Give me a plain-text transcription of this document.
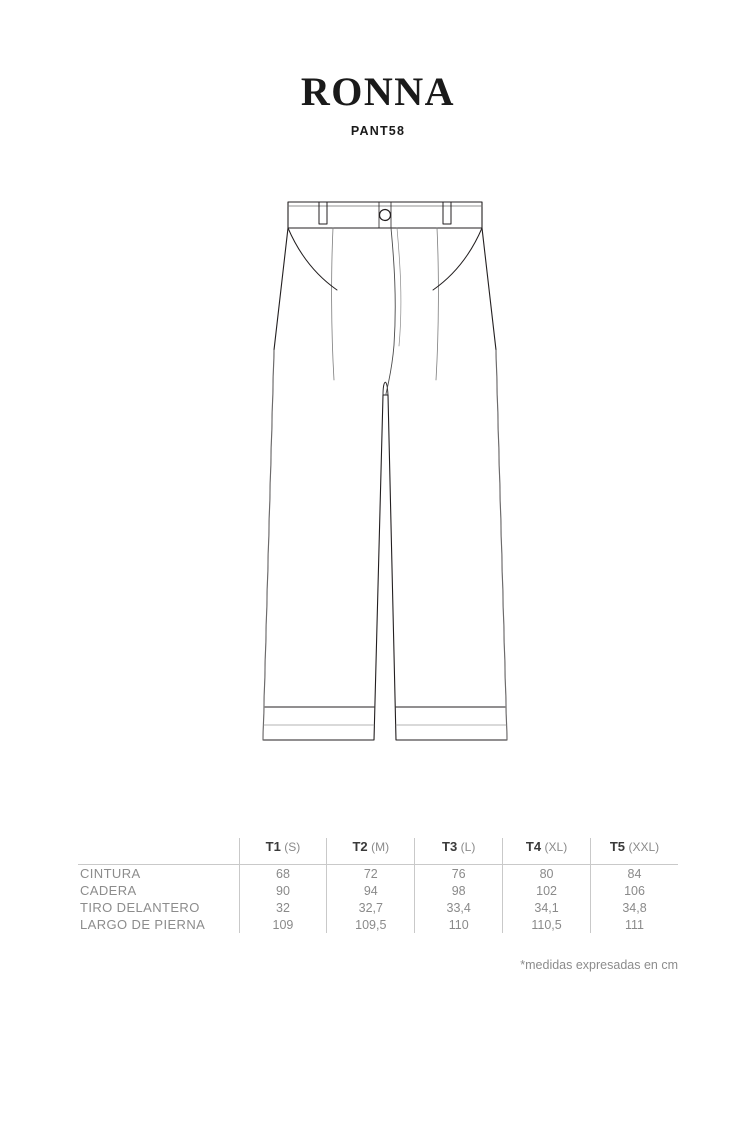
RONNA
PANT58
	T1 (S)	T2 (M)	T3 (L)	T4 (XL)	T5 (XXL)
CINTURA	68	72	76	80	84
CADERA	90	94	98	102	106
TIRO DELANTERO	32	32,7	33,4	34,1	34,8
LARGO DE PIERNA	109	109,5	110	110,5	111
*medidas expresadas en cm
